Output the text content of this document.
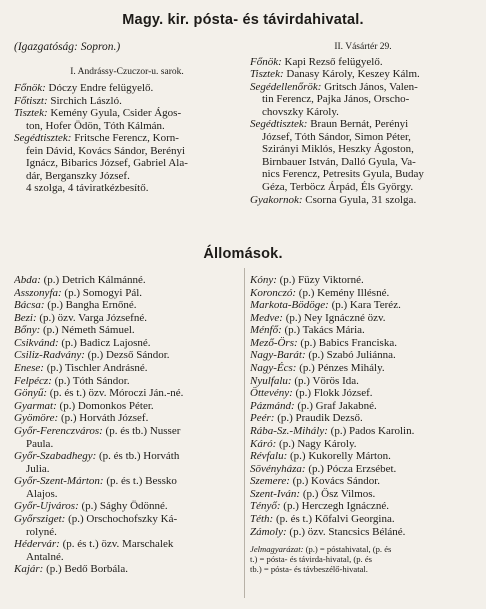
Magy. kir. pósta- és távirdahivatal.
(Igazgatóság: Sopron.)
I. Andrássy-Czuczor-u. sarok.
Főnök: Dóczy Endre felügyelő.
Főtiszt: Sirchich László.
Tisztek: Kemény Gyula, Csider Ágos-
ton, Hofer Ödön, Tóth Kálmán.
Segédtisztek: Fritsche Ferencz, Korn-
fein Dávid, Kovács Sándor, Berényi
Ignácz, Bibarics József, Gabriel Ala-
dár, Berganszky József.
4 szolga, 4 táviratkézbesítő.
II. Vásártér 29.
Főnök: Kapi Rezső felügyelő.
Tisztek: Danasy Károly, Keszey Kálm.
Segédellenőrök: Gritsch János, Valen-
tin Ferencz, Pajka János, Orscho-
chovszky Károly.
Segédtisztek: Braun Bernát, Perényi
József, Tóth Sándor, Simon Péter,
Szirányi Miklós, Heszky Ágoston,
Birnbauer István, Dalló Gyula, Va-
nics Ferencz, Petresits Gyula, Buday
Géza, Terböcz Árpád, Éls György.
Gyakornok: Csorna Gyula, 31 szolga.
Állomások.
Abda: (p.) Detrich Kálmánné.
Asszonyfa: (p.) Somogyi Pál.
Bácsa: (p.) Bangha Ernőné.
Bezi: (p.) özv. Varga Józsefné.
Bőny: (p.) Németh Sámuel.
Csikvánd: (p.) Badicz Lajosné.
Csiliz-Radvány: (p.) Dezső Sándor.
Enese: (p.) Tischler Andrásné.
Felpécz: (p.) Tóth Sándor.
Gönyű: (p. és t.) özv. Móroczi Ján.-né.
Gyarmat: (p.) Domonkos Péter.
Gyömöre: (p.) Horváth József.
Győr-Ferenczváros: (p. és tb.) Nusser
Paula.
Győr-Szabadhegy: (p. és tb.) Horváth
Julia.
Győr-Szent-Márton: (p. és t.) Bessko
Alajos.
Győr-Ujváros: (p.) Sághy Ödönné.
Győrsziget: (p.) Orschochofszky Ká-
rolyné.
Hédervár: (p. és t.) özv. Marschalek
Antalné.
Kajár: (p.) Bedő Borbála.
Kóny: (p.) Füzy Viktorné.
Koronczó: (p.) Kemény Illésné.
Markota-Bödöge: (p.) Kara Teréz.
Medve: (p.) Ney Ignáczné özv.
Ménfő: (p.) Takács Mária.
Mező-Örs: (p.) Babics Franciska.
Nagy-Barát: (p.) Szabó Juliánna.
Nagy-Écs: (p.) Pénzes Mihály.
Nyulfalu: (p.) Vörös Ida.
Öttevény: (p.) Flokk József.
Pázmánd: (p.) Graf Jakabné.
Peér: (p.) Praudik Dezső.
Rába-Sz.-Mihály: (p.) Pados Karolin.
Káró: (p.) Nagy Károly.
Révfalu: (p.) Kukorelly Márton.
Sövényháza: (p.) Pócza Erzsébet.
Szemere: (p.) Kovács Sándor.
Szent-Iván: (p.) Ősz Vilmos.
Tényő: (p.) Herczegh Ignáczné.
Téth: (p. és t.) Kőfalvi Georgina.
Zámoly: (p.) özv. Stancsics Béláné.
Jelmagyarázat: (p.) = póstahivatal, (p. és
t.) = pósta- és távirda-hivatal, (p. és
tb.) = pósta- és távbeszélő-hivatal.
